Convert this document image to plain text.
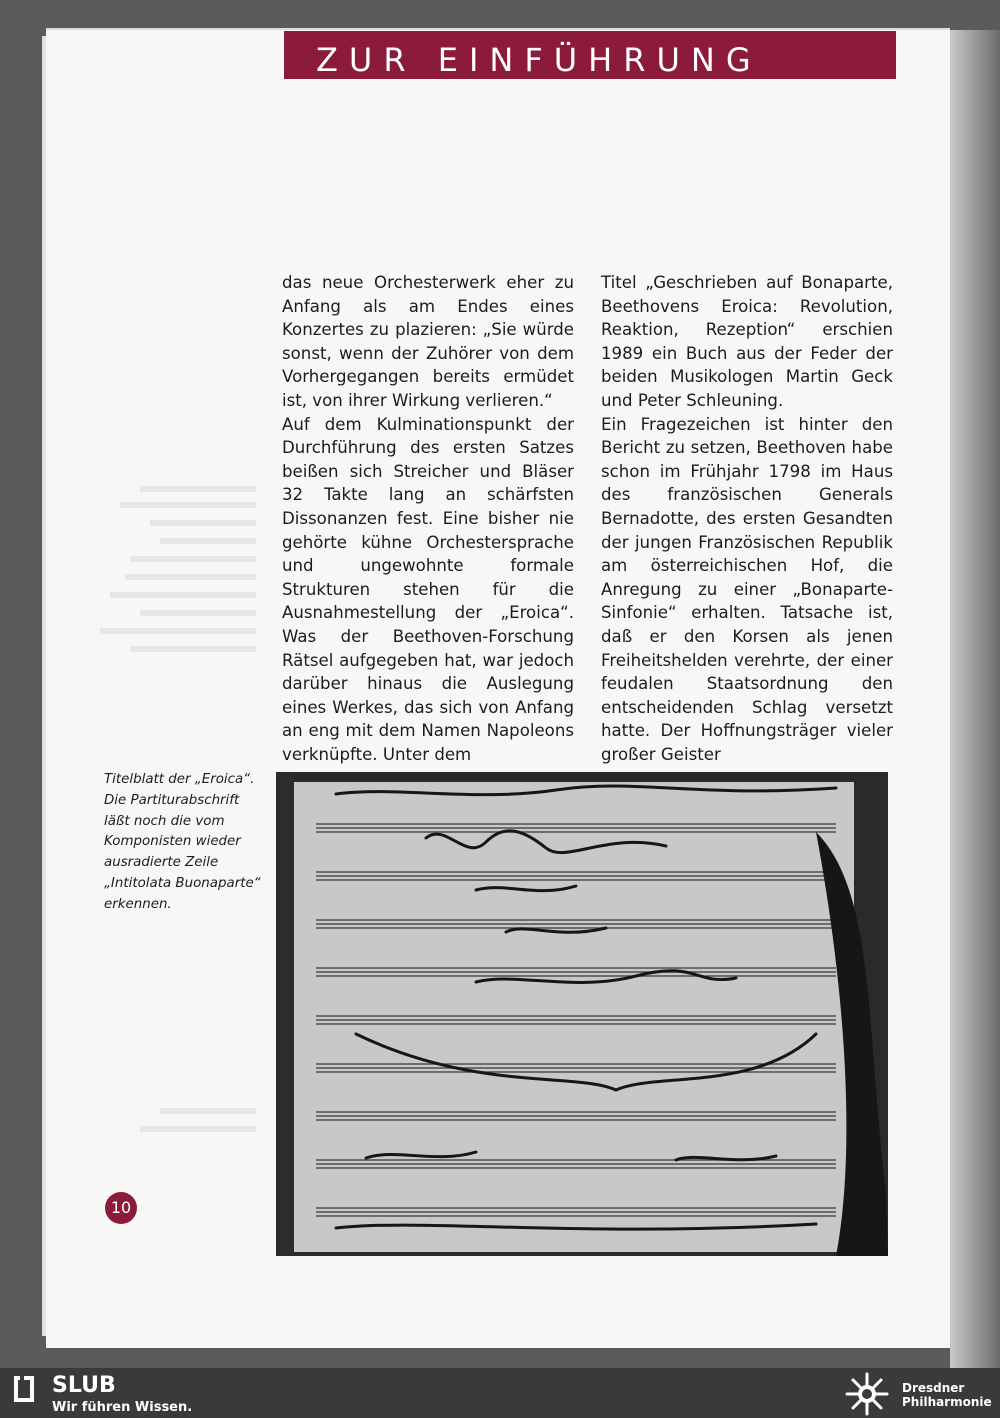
ZUR EINFÜHRUNG

das neue Orchesterwerk eher zu Anfang als am Endes eines Konzertes zu plazieren: „Sie würde sonst, wenn der Zuhörer von dem Vorhergegangen bereits ermüdet ist, von ihrer Wirkung verlieren.“

Auf dem Kulminationspunkt der Durchführung des ersten Satzes beißen sich Streicher und Bläser 32 Takte lang an schärfsten Dissonanzen fest. Eine bisher nie gehörte kühne Orchestersprache und ungewohnte formale Strukturen stehen für die Ausnahmestellung der „Eroica“. Was der Beethoven-Forschung Rätsel aufgegeben hat, war jedoch darüber hinaus die Auslegung eines Werkes, das sich von Anfang an eng mit dem Namen Napoleons verknüpfte. Unter dem

Titel „Geschrieben auf Bonaparte, Beethovens Eroica: Revolution, Reaktion, Rezeption“ erschien 1989 ein Buch aus der Feder der beiden Musikologen Martin Geck und Peter Schleuning.

Ein Fragezeichen ist hinter den Bericht zu setzen, Beethoven habe schon im Frühjahr 1798 im Haus des französischen Generals Bernadotte, des ersten Gesandten der jungen Französischen Republik am österreichischen Hof, die Anregung zu einer „Bonaparte-Sinfonie“ erhalten. Tatsache ist, daß er den Korsen als jenen Freiheitshelden verehrte, der einer feudalen Staatsordnung den entscheidenden Schlag versetzt hatte. Der Hoffnungsträger vieler großer Geister

Titelblatt der „Eroica“.

Die Partiturabschrift

läßt noch die vom

Komponisten wieder

ausradierte Zeile

„Intitolata Buonaparte“

erkennen.

10
SLUB
Wir führen Wissen.
Dresdner
Philharmonie
